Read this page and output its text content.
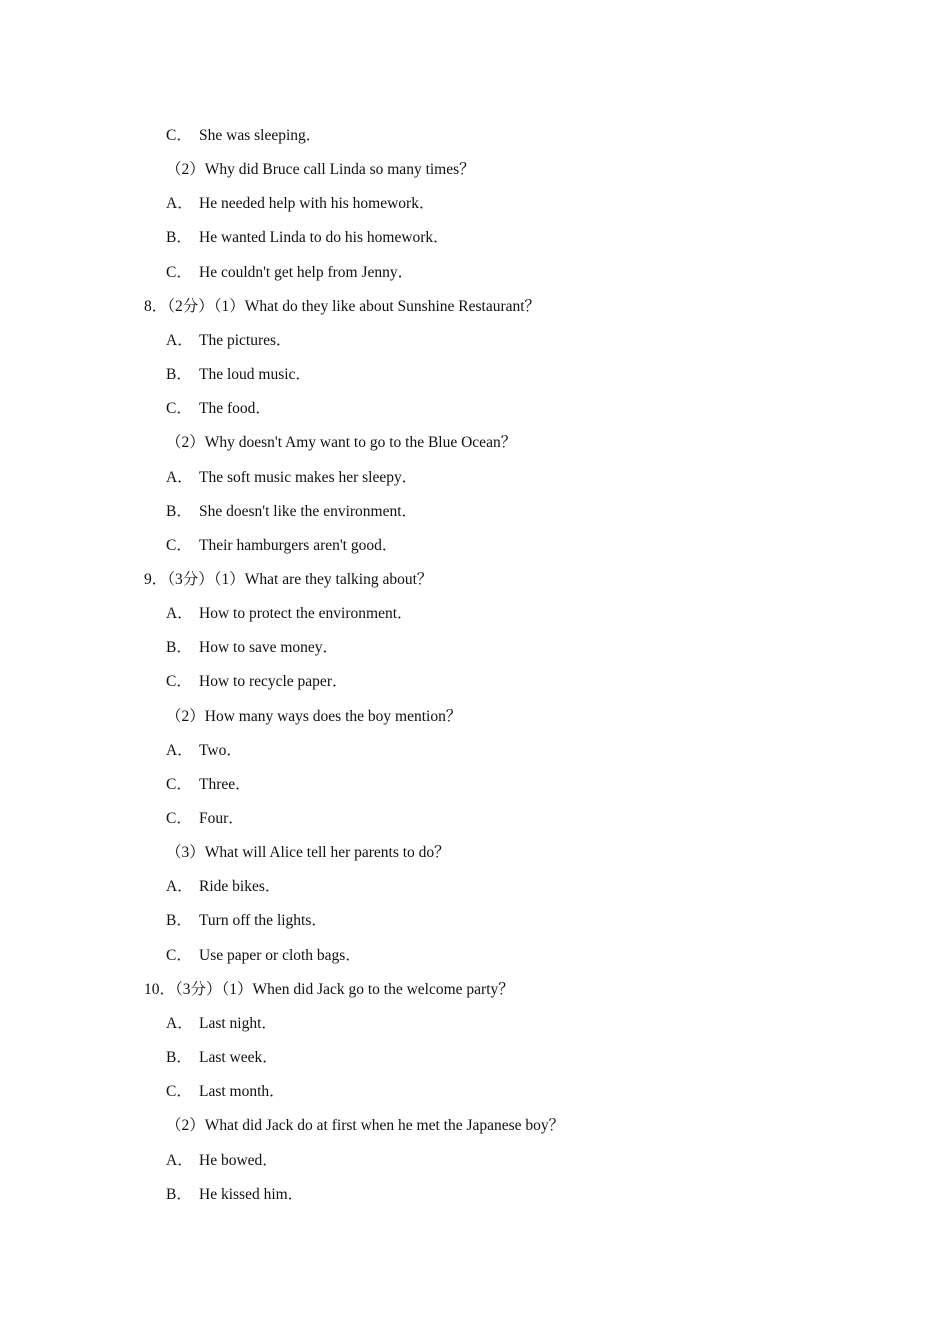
C． She was sleeping．
（2）Why did Bruce call Linda so many times？
A． He needed help with his homework．
B． He wanted Linda to do his homework．
C． He couldn't get help from Jenny．
8．（2分）（1）What do they like about Sunshine Restaurant？
A． The pictures．
B． The loud music．
C． The food．
（2）Why doesn't Amy want to go to the Blue Ocean？
A． The soft music makes her sleepy．
B． She doesn't like the environment．
C． Their hamburgers aren't good．
9．（3分）（1）What are they talking about？
A． How to protect the environment．
B． How to save money．
C． How to recycle paper．
（2）How many ways does the boy mention？
A． Two．
C． Three．
C． Four．
（3）What will Alice tell her parents to do？
A． Ride bikes．
B． Turn off the lights．
C． Use paper or cloth bags．
10．（3分）（1）When did Jack go to the welcome party？
A． Last night．
B． Last week．
C． Last month．
（2）What did Jack do at first when he met the Japanese boy？
A． He bowed．
B． He kissed him．
